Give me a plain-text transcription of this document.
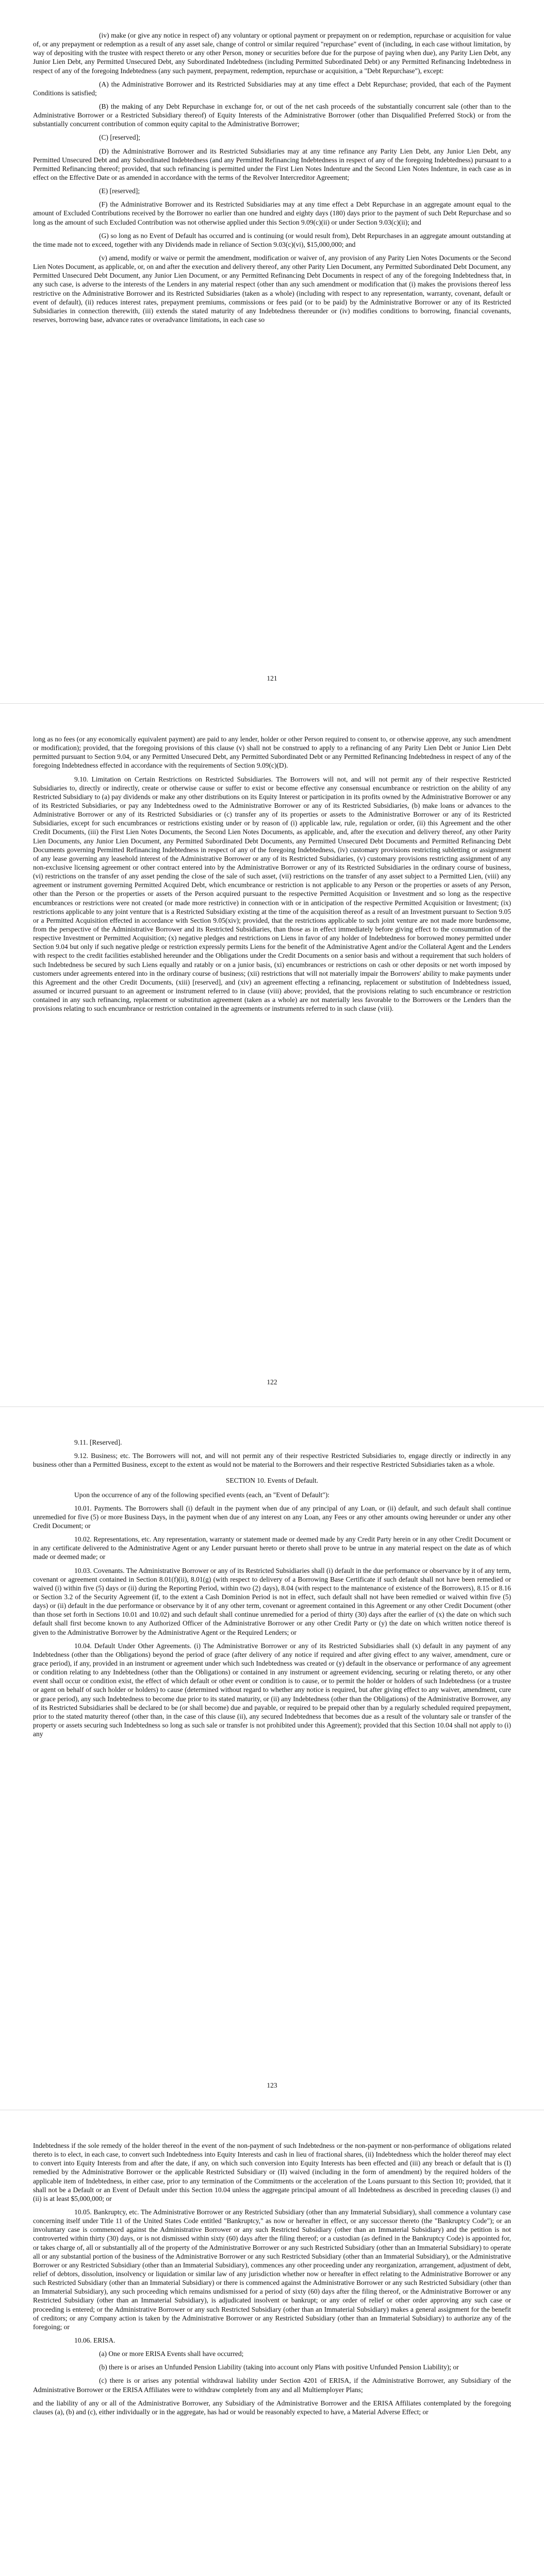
(iv) make (or give any notice in respect of) any voluntary or optional payment or prepayment on or redemption, repurchase or acquisition for value of, or any prepayment or redemption as a result of any asset sale, change of control or similar required "repurchase" event of (including, in each case without limitation, by way of depositing with the trustee with respect thereto or any other Person, money or securities before due for the purpose of paying when due), any Parity Lien Debt, any Junior Lien Debt, any Permitted Unsecured Debt, any Subordinated Indebtedness (including Permitted Subordinated Debt) or any Permitted Refinancing Indebtedness in respect of any of the foregoing Indebtedness (any such payment, prepayment, redemption, repurchase or acquisition, a "Debt Repurchase"), except:

(A) the Administrative Borrower and its Restricted Subsidiaries may at any time effect a Debt Repurchase; provided, that each of the Payment Conditions is satisfied;

(B) the making of any Debt Repurchase in exchange for, or out of the net cash proceeds of the substantially concurrent sale (other than to the Administrative Borrower or a Restricted Subsidiary thereof) of Equity Interests of the Administrative Borrower (other than Disqualified Preferred Stock) or from the substantially concurrent contribution of common equity capital to the Administrative Borrower;

(C) [reserved];

(D) the Administrative Borrower and its Restricted Subsidiaries may at any time refinance any Parity Lien Debt, any Junior Lien Debt, any Permitted Unsecured Debt and any Subordinated Indebtedness (and any Permitted Refinancing Indebtedness in respect of any of the foregoing Indebtedness) pursuant to a Permitted Refinancing thereof; provided, that such refinancing is permitted under the First Lien Notes Indenture and the Second Lien Notes Indenture, in each case as in effect on the Effective Date or as amended in accordance with the terms of the Revolver Intercreditor Agreement;

(E) [reserved];

(F) the Administrative Borrower and its Restricted Subsidiaries may at any time effect a Debt Repurchase in an aggregate amount equal to the amount of Excluded Contributions received by the Borrower no earlier than one hundred and eighty days (180) days prior to the payment of such Debt Repurchase and so long as the amount of such Excluded Contribution was not otherwise applied under this Section 9.09(c)(ii) or under Section 9.03(c)(ii); and

(G) so long as no Event of Default has occurred and is continuing (or would result from), Debt Repurchases in an aggregate amount outstanding at the time made not to exceed, together with any Dividends made in reliance of Section 9.03(c)(vi), $15,000,000; and

(v) amend, modify or waive or permit the amendment, modification or waiver of, any provision of any Parity Lien Notes Documents or the Second Lien Notes Document, as applicable, or, on and after the execution and delivery thereof, any other Parity Lien Document, any Permitted Subordinated Debt Document, any Permitted Unsecured Debt Document, any Junior Lien Document, or any Permitted Refinancing Debt Documents in respect of any of the foregoing Indebtedness that, in any such case, is adverse to the interests of the Lenders in any material respect (other than any such amendment or modification that (i) makes the provisions thereof less restrictive on the Administrative Borrower and its Restricted Subsidiaries (taken as a whole) (including with respect to any representation, warranty, covenant, default or event of default), (ii) reduces interest rates, prepayment premiums, commissions or fees paid (or to be paid) by the Administrative Borrower or any of its Restricted Subsidiaries in connection therewith, (iii) extends the stated maturity of any Indebtedness thereunder or (iv) modifies conditions to borrowing, financial covenants, reserves, borrowing base, advance rates or overadvance limitations, in each case so

121

long as no fees (or any economically equivalent payment) are paid to any lender, holder or other Person required to consent to, or otherwise approve, any such amendment or modification); provided, that the foregoing provisions of this clause (v) shall not be construed to apply to a refinancing of any Parity Lien Debt or Junior Lien Debt permitted pursuant to Section 9.04, or any Permitted Unsecured Debt, any Permitted Subordinated Debt or any Permitted Refinancing Indebtedness in respect of any of the foregoing Indebtedness effected in accordance with the requirements of Section 9.09(c)(D).

9.10. Limitation on Certain Restrictions on Restricted Subsidiaries. The Borrowers will not, and will not permit any of their respective Restricted Subsidiaries to, directly or indirectly, create or otherwise cause or suffer to exist or become effective any consensual encumbrance or restriction on the ability of any Restricted Subsidiary to (a) pay dividends or make any other distributions on its Equity Interest or participation in its profits owned by the Administrative Borrower or any of its Restricted Subsidiaries, or pay any Indebtedness owed to the Administrative Borrower or any of its Restricted Subsidiaries, (b) make loans or advances to the Administrative Borrower or any of its Restricted Subsidiaries or (c) transfer any of its properties or assets to the Administrative Borrower or any of its Restricted Subsidiaries, except for such encumbrances or restrictions existing under or by reason of (i) applicable law, rule, regulation or order, (ii) this Agreement and the other Credit Documents, (iii) the First Lien Notes Documents, the Second Lien Notes Documents, as applicable, and, after the execution and delivery thereof, any other Parity Lien Documents, any Junior Lien Document, any Permitted Subordinated Debt Documents, any Permitted Unsecured Debt Documents and Permitted Refinancing Debt Documents governing Permitted Refinancing Indebtedness in respect of any of the foregoing Indebtedness, (iv) customary provisions restricting subletting or assignment of any lease governing any leasehold interest of the Administrative Borrower or any of its Restricted Subsidiaries, (v) customary provisions restricting assignment of any non-exclusive licensing agreement or other contract entered into by the Administrative Borrower or any of its Restricted Subsidiaries in the ordinary course of business, (vi) restrictions on the transfer of any asset pending the close of the sale of such asset, (vii) restrictions on the transfer of any asset subject to a Permitted Lien, (viii) any agreement or instrument governing Permitted Acquired Debt, which encumbrance or restriction is not applicable to any Person or the properties or assets of any Person, other than the Person or the properties or assets of the Person acquired pursuant to the respective Permitted Acquisition or Investment and so long as the respective encumbrances or restrictions were not created (or made more restrictive) in connection with or in anticipation of the respective Permitted Acquisition or Investment; (ix) restrictions applicable to any joint venture that is a Restricted Subsidiary existing at the time of the acquisition thereof as a result of an Investment pursuant to Section 9.05 or a Permitted Acquisition effected in accordance with Section 9.05(xiv); provided, that the restrictions applicable to such joint venture are not made more burdensome, from the perspective of the Administrative Borrower and its Restricted Subsidiaries, than those as in effect immediately before giving effect to the consummation of the respective Investment or Permitted Acquisition; (x) negative pledges and restrictions on Liens in favor of any holder of Indebtedness for borrowed money permitted under Section 9.04 but only if such negative pledge or restriction expressly permits Liens for the benefit of the Administrative Agent and/or the Collateral Agent and the Lenders with respect to the credit facilities established hereunder and the Obligations under the Credit Documents on a senior basis and without a requirement that such holders of such Indebtedness be secured by such Liens equally and ratably or on a junior basis, (xi) encumbrances or restrictions on cash or other deposits or net worth imposed by customers under agreements entered into in the ordinary course of business; (xii) restrictions that will not materially impair the Borrowers' ability to make payments under this Agreement and the other Credit Documents, (xiii) [reserved], and (xiv) an agreement effecting a refinancing, replacement or substitution of Indebtedness issued, assumed or incurred pursuant to an agreement or instrument referred to in clause (viii) above; provided, that the provisions relating to such encumbrance or restriction contained in any such refinancing, replacement or substitution agreement (taken as a whole) are not materially less favorable to the Borrowers or the Lenders than the provisions relating to such encumbrance or restriction contained in the agreements or instruments referred to in such clause (viii).

122

9.11. [Reserved].

9.12. Business; etc. The Borrowers will not, and will not permit any of their respective Restricted Subsidiaries to, engage directly or indirectly in any business other than a Permitted Business, except to the extent as would not be material to the Borrowers and their respective Restricted Subsidiaries taken as a whole.

SECTION 10. Events of Default.

Upon the occurrence of any of the following specified events (each, an "Event of Default"):

10.01. Payments. The Borrowers shall (i) default in the payment when due of any principal of any Loan, or (ii) default, and such default shall continue unremedied for five (5) or more Business Days, in the payment when due of any interest on any Loan, any Fees or any other amounts owing hereunder or under any other Credit Document; or

10.02. Representations, etc. Any representation, warranty or statement made or deemed made by any Credit Party herein or in any other Credit Document or in any certificate delivered to the Administrative Agent or any Lender pursuant hereto or thereto shall prove to be untrue in any material respect on the date as of which made or deemed made; or

10.03. Covenants. The Administrative Borrower or any of its Restricted Subsidiaries shall (i) default in the due performance or observance by it of any term, covenant or agreement contained in Section 8.01(f)(ii), 8.01(g) (with respect to delivery of a Borrowing Base Certificate if such default shall not have been remedied or waived (i) within five (5) days or (ii) during the Reporting Period, within two (2) days), 8.04 (with respect to the maintenance of existence of the Borrowers), 8.15 or 8.16 or Section 3.2 of the Security Agreement (if, to the extent a Cash Dominion Period is not in effect, such default shall not have been remedied or waived within five (5) days) or (ii) default in the due performance or observance by it of any other term, covenant or agreement contained in this Agreement or any other Credit Document (other than those set forth in Sections 10.01 and 10.02) and such default shall continue unremedied for a period of thirty (30) days after the earlier of (x) the date on which such default shall first become known to any Authorized Officer of the Administrative Borrower or any other Credit Party or (y) the date on which written notice thereof is given to the Administrative Borrower by the Administrative Agent or the Required Lenders; or

10.04. Default Under Other Agreements. (i) The Administrative Borrower or any of its Restricted Subsidiaries shall (x) default in any payment of any Indebtedness (other than the Obligations) beyond the period of grace (after delivery of any notice if required and after giving effect to any waiver, amendment, cure or grace period), if any, provided in an instrument or agreement under which such Indebtedness was created or (y) default in the observance or performance of any agreement or condition relating to any Indebtedness (other than the Obligations) or contained in any instrument or agreement evidencing, securing or relating thereto, or any other event shall occur or condition exist, the effect of which default or other event or condition is to cause, or to permit the holder or holders of such Indebtedness (or a trustee or agent on behalf of such holder or holders) to cause (determined without regard to whether any notice is required, but after giving effect to any waiver, amendment, cure or grace period), any such Indebtedness to become due prior to its stated maturity, or (ii) any Indebtedness (other than the Obligations) of the Administrative Borrower, any of its Restricted Subsidiaries shall be declared to be (or shall become) due and payable, or required to be prepaid other than by a regularly scheduled required prepayment, prior to the stated maturity thereof (other than, in the case of this clause (ii), any secured Indebtedness that becomes due as a result of the voluntary sale or transfer of the property or assets securing such Indebtedness so long as such sale or transfer is not prohibited under this Agreement); provided that this Section 10.04 shall not apply to (i) any

123

Indebtedness if the sole remedy of the holder thereof in the event of the non-payment of such Indebtedness or the non-payment or non-performance of obligations related thereto is to elect, in each case, to convert such Indebtedness into Equity Interests and cash in lieu of fractional shares, (ii) Indebtedness which the holder thereof may elect to convert into Equity Interests from and after the date, if any, on which such conversion into Equity Interests has been effected and (iii) any breach or default that is (I) remedied by the Administrative Borrower or the applicable Restricted Subsidiary or (II) waived (including in the form of amendment) by the required holders of the applicable item of Indebtedness, in either case, prior to any termination of the Commitments or the acceleration of the Loans pursuant to this Section 10; provided, that it shall not be a Default or an Event of Default under this Section 10.04 unless the aggregate principal amount of all Indebtedness as described in preceding clauses (i) and (ii) is at least $5,000,000; or

10.05. Bankruptcy, etc. The Administrative Borrower or any Restricted Subsidiary (other than any Immaterial Subsidiary), shall commence a voluntary case concerning itself under Title 11 of the United States Code entitled "Bankruptcy," as now or hereafter in effect, or any successor thereto (the "Bankruptcy Code"); or an involuntary case is commenced against the Administrative Borrower or any such Restricted Subsidiary (other than an Immaterial Subsidiary) and the petition is not controverted within thirty (30) days, or is not dismissed within sixty (60) days after the filing thereof; or a custodian (as defined in the Bankruptcy Code) is appointed for, or takes charge of, all or substantially all of the property of the Administrative Borrower or any such Restricted Subsidiary (other than an Immaterial Subsidiary) to operate all or any substantial portion of the business of the Administrative Borrower or any such Restricted Subsidiary (other than an Immaterial Subsidiary), or the Administrative Borrower or any Restricted Subsidiary (other than an Immaterial Subsidiary), commences any other proceeding under any reorganization, arrangement, adjustment of debt, relief of debtors, dissolution, insolvency or liquidation or similar law of any jurisdiction whether now or hereafter in effect relating to the Administrative Borrower or any such Restricted Subsidiary (other than an Immaterial Subsidiary) or there is commenced against the Administrative Borrower or any such Restricted Subsidiary (other than an Immaterial Subsidiary), any such proceeding which remains undismissed for a period of sixty (60) days after the filing thereof, or the Administrative Borrower or any Restricted Subsidiary (other than an Immaterial Subsidiary), is adjudicated insolvent or bankrupt; or any order of relief or other order approving any such case or proceeding is entered; or the Administrative Borrower or any such Restricted Subsidiary (other than an Immaterial Subsidiary) makes a general assignment for the benefit of creditors; or any Company action is taken by the Administrative Borrower or any Restricted Subsidiary (other than an Immaterial Subsidiary) to authorize any of the foregoing; or

10.06. ERISA.

(a) One or more ERISA Events shall have occurred;

(b) there is or arises an Unfunded Pension Liability (taking into account only Plans with positive Unfunded Pension Liability); or

(c) there is or arises any potential withdrawal liability under Section 4201 of ERISA, if the Administrative Borrower, any Subsidiary of the Administrative Borrower or the ERISA Affiliates were to withdraw completely from any and all Multiemployer Plans;

and the liability of any or all of the Administrative Borrower, any Subsidiary of the Administrative Borrower and the ERISA Affiliates contemplated by the foregoing clauses (a), (b) and (c), either individually or in the aggregate, has had or would be reasonably expected to have, a Material Adverse Effect; or
